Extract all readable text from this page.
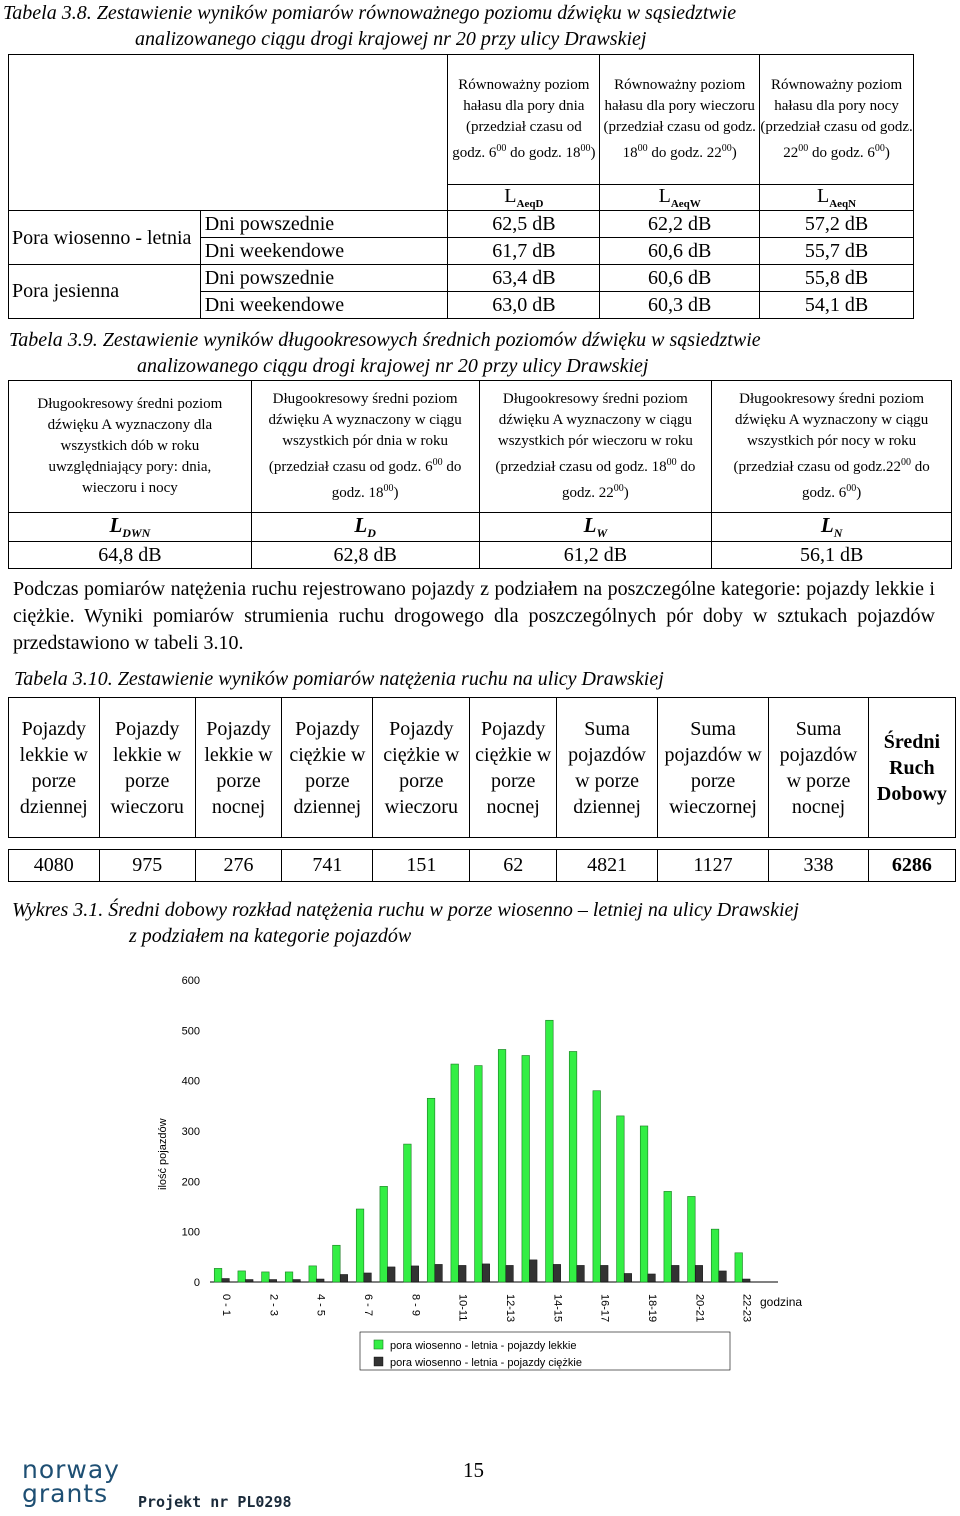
Tabela 3.8. Zestawienie wyników pomiarów równoważnego poziomu dźwięku w sąsiedztwie
analizowanego ciągu drogi krajowej nr 20 przy ulicy Drawskiej
		Równoważny poziom hałasu dla pory dnia (przedział czasu od godz. $6^{00}$ do godz. $18^{00}$)	Równoważny poziom hałasu dla pory wieczoru (przedział czasu od godz. $18^{00}$ do godz. $22^{00}$)	Równoważny poziom hałasu dla pory nocy (przedział czasu od godz. $22^{00}$ do godz. $6^{00}$)
		$L_{AeqD}$	$L_{AeqW}$	$L_{AeqN}$
Pora wiosenno - letnia	Dni powszednie	62,5 dB	62,2 dB	57,2 dB
	Dni weekendowe	61,7 dB	60,6 dB	55,7 dB
Pora jesienna	Dni powszednie	63,4 dB	60,6 dB	55,8 dB
	Dni weekendowe	63,0 dB	60,3 dB	54,1 dB
Tabela 3.9. Zestawienie wyników długookresowych średnich poziomów dźwięku w sąsiedztwie
analizowanego ciągu drogi krajowej nr 20 przy ulicy Drawskiej
Długookresowy średni poziom dźwięku A wyznaczony dla wszystkich dób w roku uwzględniający pory: dnia, wieczoru i nocy	Długookresowy średni poziom dźwięku A wyznaczony w ciągu wszystkich pór dnia w roku (przedział czasu od godz. $6^{00}$ do godz. $18^{00}$)	Długookresowy średni poziom dźwięku A wyznaczony w ciągu wszystkich pór wieczoru w roku (przedział czasu od godz. $18^{00}$ do godz. $22^{00}$)	Długookresowy średni poziom dźwięku A wyznaczony w ciągu wszystkich pór nocy w roku (przedział czasu od $godz.22^{00}$ do godz. $6^{00}$)
$L_{DWN}$	$L_D$	$L_W$	$L_N$
64,8 dB	62,8 dB	61,2 dB	56,1 dB
Podczas pomiarów natężenia ruchu rejestrowano pojazdy z podziałem na poszczególne kategorie: pojazdy lekkie i ciężkie. Wyniki pomiarów strumienia ruchu drogowego dla poszczególnych pór doby w sztukach pojazdów przedstawiono w tabeli 3.10.
Tabela 3.10. Zestawienie wyników pomiarów natężenia ruchu na ulicy Drawskiej
Pojazdy lekkie w porze dziennej	Pojazdy lekkie w porze wieczoru	Pojazdy lekkie w porze nocnej	Pojazdy ciężkie w porze dziennej	Pojazdy ciężkie w porze wieczoru	Pojazdy ciężkie w porze nocnej	Suma pojazdów w porze dziennej	Suma pojazdów w porze wieczornej	Suma pojazdów w porze nocnej	Średni Ruch Dobowy

4080	975	276	741	151	62	4821	1127	338	6286
Wykres 3.1. Średni dobowy rozkład natężenia ruchu w porze wiosenno – letniej na ulicy Drawskiej
z podziałem na kategorie pojazdów
0
100
200
300
400
500
600
ilość pojazdów
godzina
0 - 1	2 - 3	4 - 5	6 - 7	8 - 9	10-11	12-13	14-15	16-17	18-19	20-21	22-23
pora wiosenno - letnia - pojazdy lekkie
pora wiosenno - letnia - pojazdy ciężkie
15
norway
grants	Projekt nr PL0298
